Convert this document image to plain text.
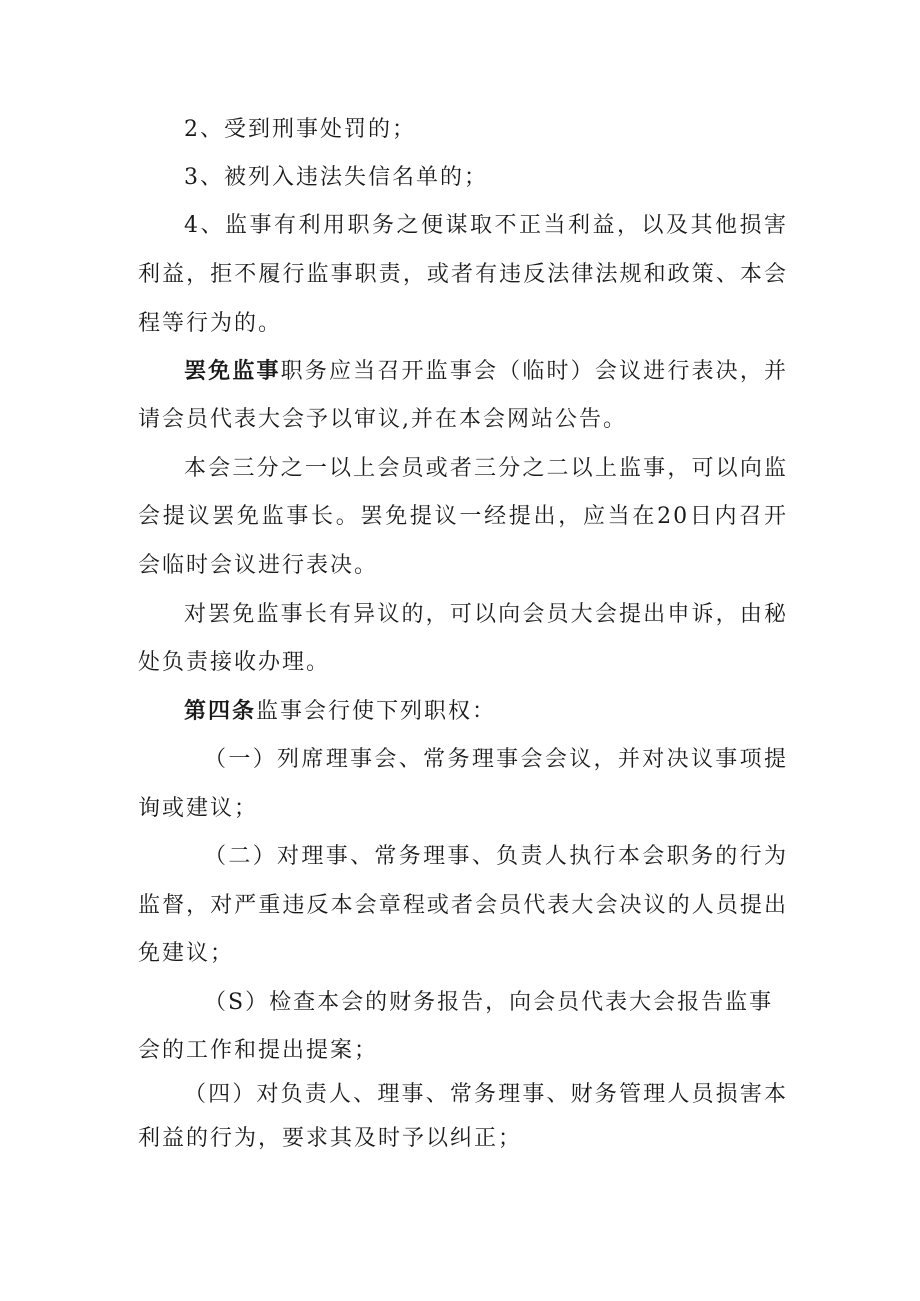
2、受到刑事处罚的；
3、被列入违法失信名单的；
4、监事有利用职务之便谋取不正当利益，以及其他损害
利益，拒不履行监事职责，或者有违反法律法规和政策、本会
程等行为的。
罢免监事职务应当召开监事会（临时）会议进行表决，并
请会员代表大会予以审议,并在本会网站公告。
本会三分之一以上会员或者三分之二以上监事，可以向监
会提议罢免监事长。罢免提议一经提出，应当在20日内召开
会临时会议进行表决。
对罢免监事长有异议的，可以向会员大会提出申诉，由秘
处负责接收办理。
第四条监事会行使下列职权：
（一）列席理事会、常务理事会会议，并对决议事项提
询或建议；
（二）对理事、常务理事、负责人执行本会职务的行为
监督，对严重违反本会章程或者会员代表大会决议的人员提出
免建议；
（S）检查本会的财务报告，向会员代表大会报告监事
会的工作和提出提案；
（四）对负责人、理事、常务理事、财务管理人员损害本
利益的行为，要求其及时予以纠正；
